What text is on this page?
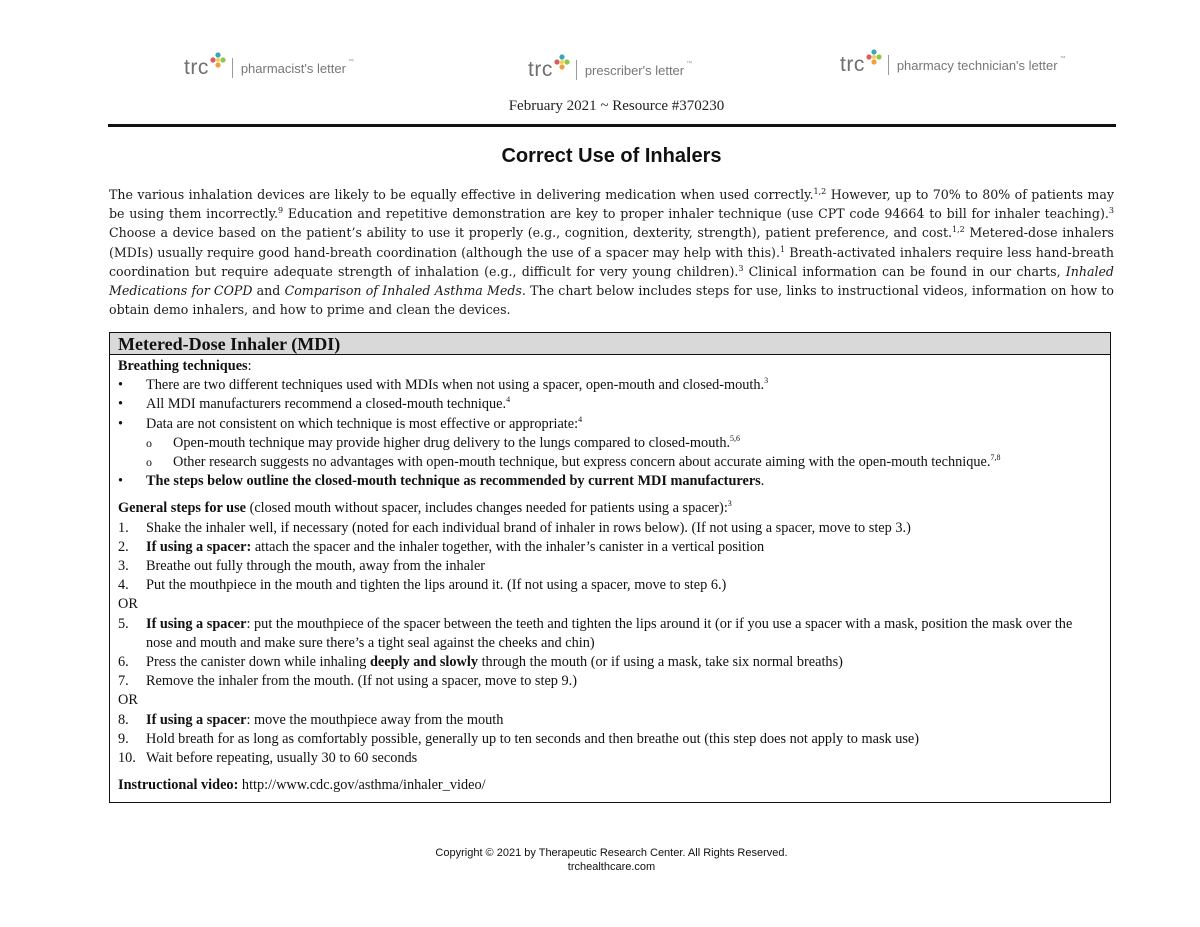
trc pharmacist's letter ™	trc prescriber's letter ™	trc pharmacy technician's letter ™
February 2021 ~ Resource #370230
Correct Use of Inhalers
The various inhalation devices are likely to be equally effective in delivering medication when used correctly.$^{1,2}$ However, up to 70% to 80% of patients may be using them incorrectly.$^9$ Education and repetitive demonstration are key to proper inhaler technique (use CPT code 94664 to bill for inhaler teaching).$^3$ Choose a device based on the patient’s ability to use it properly (e.g., cognition, dexterity, strength), patient preference, and cost.$^{1,2}$ Metered-dose inhalers (MDIs) usually require good hand-breath coordination (although the use of a spacer may help with this).$^1$ Breath-activated inhalers require less hand-breath coordination but require adequate strength of inhalation (e.g., difficult for very young children).$^3$ Clinical information can be found in our charts, Inhaled Medications for COPD and Comparison of Inhaled Asthma Meds. The chart below includes steps for use, links to instructional videos, information on how to obtain demo inhalers, and how to prime and clean the devices.
Metered-Dose Inhaler (MDI)
Breathing techniques:
• There are two different techniques used with MDIs when not using a spacer, open-mouth and closed-mouth.$^3$
• All MDI manufacturers recommend a closed-mouth technique.$^4$
• Data are not consistent on which technique is most effective or appropriate:$^4$
o Open-mouth technique may provide higher drug delivery to the lungs compared to closed-mouth.$^{5,6}$
o Other research suggests no advantages with open-mouth technique, but express concern about accurate aiming with the open-mouth technique.$^{7,8}$
• The steps below outline the closed-mouth technique as recommended by current MDI manufacturers.
General steps for use (closed mouth without spacer, includes changes needed for patients using a spacer):$^3$
1. Shake the inhaler well, if necessary (noted for each individual brand of inhaler in rows below). (If not using a spacer, move to step 3.)
2. If using a spacer: attach the spacer and the inhaler together, with the inhaler’s canister in a vertical position
3. Breathe out fully through the mouth, away from the inhaler
4. Put the mouthpiece in the mouth and tighten the lips around it. (If not using a spacer, move to step 6.)
OR
5. If using a spacer: put the mouthpiece of the spacer between the teeth and tighten the lips around it (or if you use a spacer with a mask, position the mask over the nose and mouth and make sure there’s a tight seal against the cheeks and chin)
6. Press the canister down while inhaling deeply and slowly through the mouth (or if using a mask, take six normal breaths)
7. Remove the inhaler from the mouth. (If not using a spacer, move to step 9.)
OR
8. If using a spacer: move the mouthpiece away from the mouth
9. Hold breath for as long as comfortably possible, generally up to ten seconds and then breathe out (this step does not apply to mask use)
10. Wait before repeating, usually 30 to 60 seconds
Instructional video: http://www.cdc.gov/asthma/inhaler_video/
Copyright © 2021 by Therapeutic Research Center. All Rights Reserved.
trchealthcare.com
